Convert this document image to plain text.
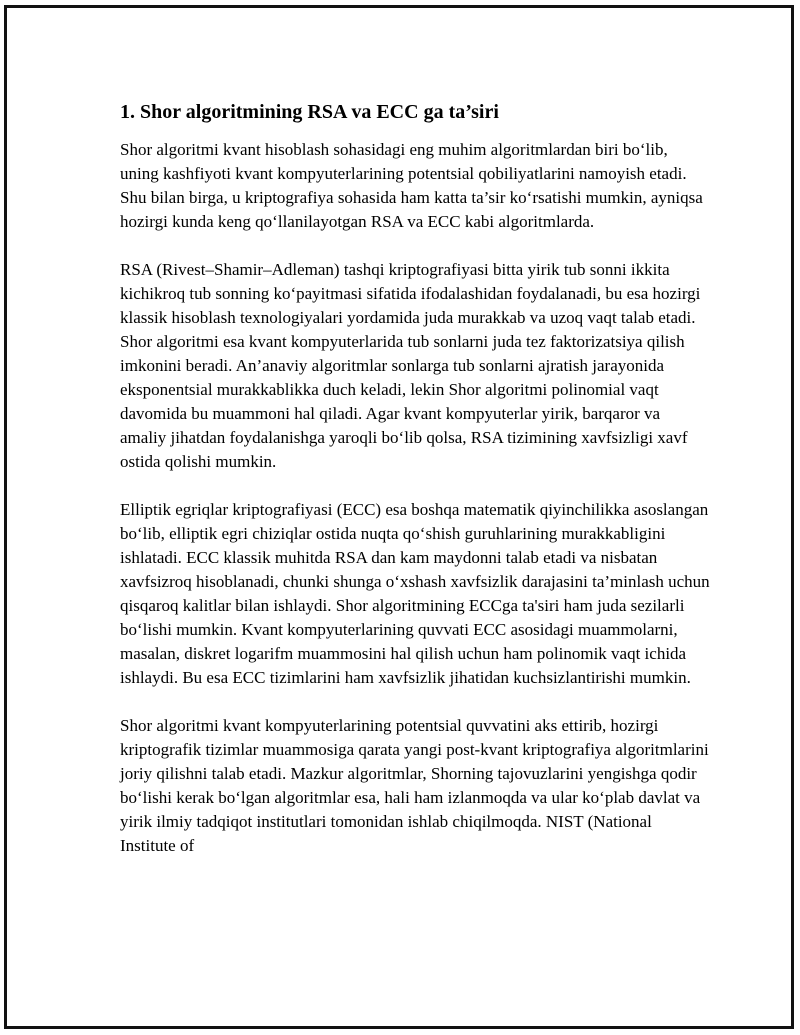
1. Shor algoritmining RSA va ECC ga ta’siri

Shor algoritmi kvant hisoblash sohasidagi eng muhim algoritmlardan biri bo‘lib, uning kashfiyoti kvant kompyuterlarining potentsial qobiliyatlarini namoyish etadi. Shu bilan birga, u kriptografiya sohasida ham katta ta’sir ko‘rsatishi mumkin, ayniqsa hozirgi kunda keng qo‘llanilayotgan RSA va ECC kabi algoritmlarda.

RSA (Rivest–Shamir–Adleman) tashqi kriptografiyasi bitta yirik tub sonni ikkita kichikroq tub sonning ko‘payitmasi sifatida ifodalashidan foydalanadi, bu esa hozirgi klassik hisoblash texnologiyalari yordamida juda murakkab va uzoq vaqt talab etadi. Shor algoritmi esa kvant kompyuterlarida tub sonlarni juda tez faktorizatsiya qilish imkonini beradi. An’anaviy algoritmlar sonlarga tub sonlarni ajratish jarayonida eksponentsial murakkablikka duch keladi, lekin Shor algoritmi polinomial vaqt davomida bu muammoni hal qiladi. Agar kvant kompyuterlar yirik, barqaror va amaliy jihatdan foydalanishga yaroqli bo‘lib qolsa, RSA tizimining xavfsizligi xavf ostida qolishi mumkin.

Elliptik egriqlar kriptografiyasi (ECC) esa boshqa matematik qiyinchilikka asoslangan bo‘lib, elliptik egri chiziqlar ostida nuqta qo‘shish guruhlarining murakkabligini ishlatadi. ECC klassik muhitda RSA dan kam maydonni talab etadi va nisbatan xavfsizroq hisoblanadi, chunki shunga o‘xshash xavfsizlik darajasini ta’minlash uchun qisqaroq kalitlar bilan ishlaydi. Shor algoritmining ECCga ta'siri ham juda sezilarli bo‘lishi mumkin. Kvant kompyuterlarining quvvati ECC asosidagi muammolarni, masalan, diskret logarifm muammosini hal qilish uchun ham polinomik vaqt ichida ishlaydi. Bu esa ECC tizimlarini ham xavfsizlik jihatidan kuchsizlantirishi mumkin.

Shor algoritmi kvant kompyuterlarining potentsial quvvatini aks ettirib, hozirgi kriptografik tizimlar muammosiga qarata yangi post-kvant kriptografiya algoritmlarini joriy qilishni talab etadi. Mazkur algoritmlar, Shorning tajovuzlarini yengishga qodir bo‘lishi kerak bo‘lgan algoritmlar esa, hali ham izlanmoqda va ular ko‘plab davlat va yirik ilmiy tadqiqot institutlari tomonidan ishlab chiqilmoqda. NIST (National Institute of
